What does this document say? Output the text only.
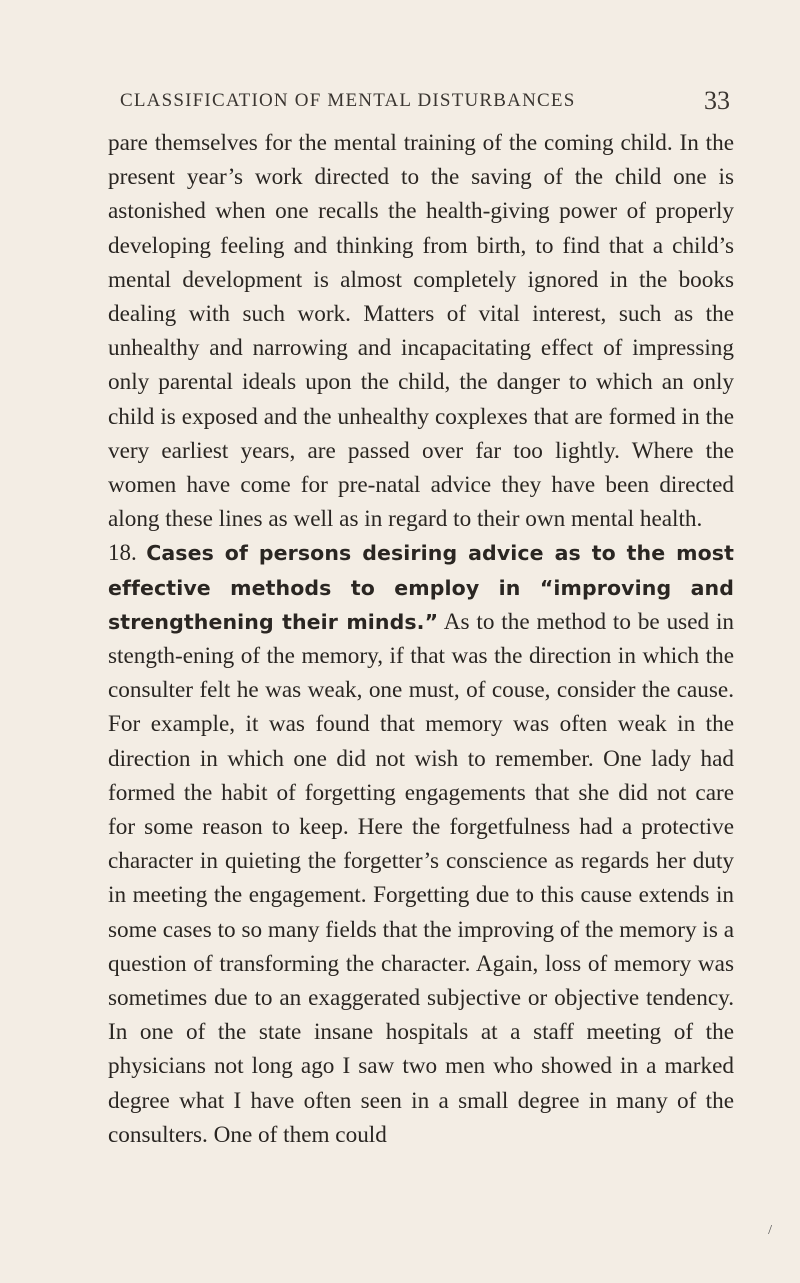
CLASSIFICATION OF MENTAL DISTURBANCES	33

pare themselves for the mental training of the coming child. In the present year’s work directed to the saving of the child one is astonished when one recalls the health-giving power of properly developing feeling and thinking from birth, to find that a child’s mental development is almost completely ignored in the books dealing with such work. Matters of vital interest, such as the unhealthy and narrowing and incapacitating effect of impressing only parental ideals upon the child, the danger to which an only child is exposed and the unhealthy coxplexes that are formed in the very earliest years, are passed over far too lightly. Where the women have come for pre-natal advice they have been directed along these lines as well as in regard to their own mental health.

18. Cases of persons desiring advice as to the most effective methods to employ in “improving and strengthening their minds.” As to the method to be used in stength-ening of the memory, if that was the direction in which the consulter felt he was weak, one must, of couse, consider the cause. For example, it was found that memory was often weak in the direction in which one did not wish to remember. One lady had formed the habit of forgetting engagements that she did not care for some reason to keep. Here the forgetfulness had a protective character in quieting the forgetter’s conscience as regards her duty in meeting the engagement. Forgetting due to this cause extends in some cases to so many fields that the improving of the memory is a question of transforming the character. Again, loss of memory was sometimes due to an exaggerated subjective or objective tendency. In one of the state insane hospitals at a staff meeting of the physicians not long ago I saw two men who showed in a marked degree what I have often seen in a small degree in many of the consulters. One of them could

/
